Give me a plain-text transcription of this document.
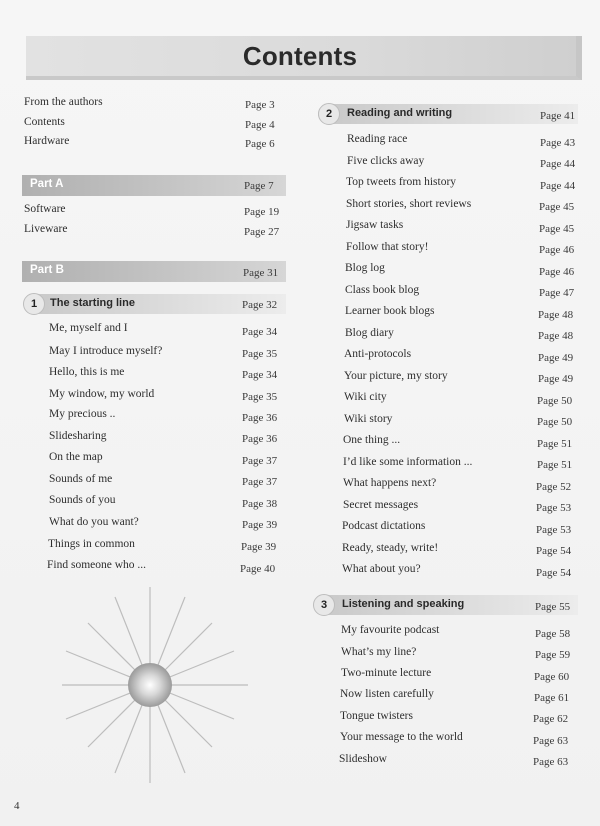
Contents
From the authors	Page 3
Contents	Page 4
Hardware	Page 6
Part A	Page 7
Software	Page 19
Liveware	Page 27
Part B	Page 31
1	The starting line	Page 32
Me, myself and I	Page 34
May I introduce myself?	Page 35
Hello, this is me	Page 34
My window, my world	Page 35
My precious ..	Page 36
Slidesharing	Page 36
On the map	Page 37
Sounds of me	Page 37
Sounds of you	Page 38
What do you want?	Page 39
Things in common	Page 39
Find someone who ...	Page 40
2	Reading and writing	Page 41
Reading race	Page 43
Five clicks away	Page 44
Top tweets from history	Page 44
Short stories, short reviews	Page 45
Jigsaw tasks	Page 45
Follow that story!	Page 46
Blog log	Page 46
Class book blog	Page 47
Learner book blogs	Page 48
Blog diary	Page 48
Anti-protocols	Page 49
Your picture, my story	Page 49
Wiki city	Page 50
Wiki story	Page 50
One thing ...	Page 51
I’d like some information ...	Page 51
What happens next?	Page 52
Secret messages	Page 53
Podcast dictations	Page 53
Ready, steady, write!	Page 54
What about you?	Page 54
3	Listening and speaking	Page 55
My favourite podcast	Page 58
What’s my line?	Page 59
Two-minute lecture	Page 60
Now listen carefully	Page 61
Tongue twisters	Page 62
Your message to the world	Page 63
Slideshow	Page 63
4
